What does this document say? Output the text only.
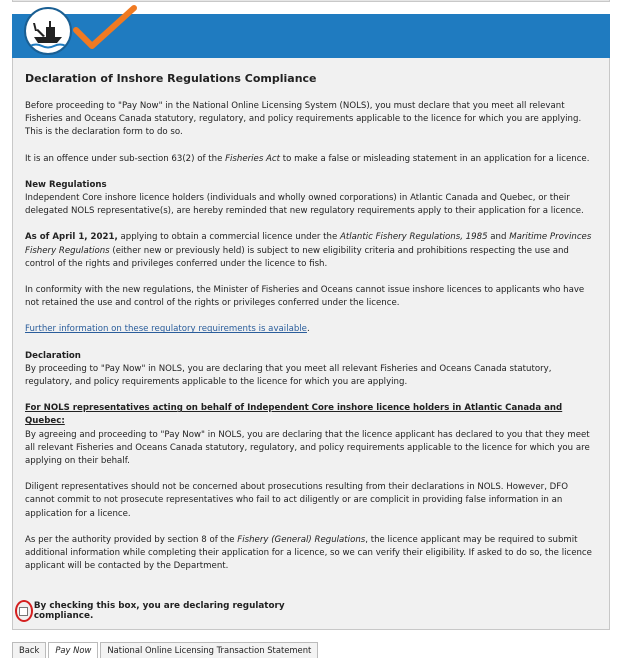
Declaration of Inshore Regulations Compliance

Before proceeding to "Pay Now" in the National Online Licensing System (NOLS), you must declare that you meet all relevant Fisheries and Oceans Canada statutory, regulatory, and policy requirements applicable to the licence for which you are applying. This is the declaration form to do so.

It is an offence under sub-section 63(2) of the Fisheries Act to make a false or misleading statement in an application for a licence.

New Regulations
Independent Core inshore licence holders (individuals and wholly owned corporations) in Atlantic Canada and Quebec, or their delegated NOLS representative(s), are hereby reminded that new regulatory requirements apply to their application for a licence.

As of April 1, 2021, applying to obtain a commercial licence under the Atlantic Fishery Regulations, 1985 and Maritime Provinces Fishery Regulations (either new or previously held) is subject to new eligibility criteria and prohibitions respecting the use and control of the rights and privileges conferred under the licence to fish.

In conformity with the new regulations, the Minister of Fisheries and Oceans cannot issue inshore licences to applicants who have not retained the use and control of the rights or privileges conferred under the licence.

Further information on these regulatory requirements is available.

Declaration
By proceeding to "Pay Now" in NOLS, you are declaring that you meet all relevant Fisheries and Oceans Canada statutory, regulatory, and policy requirements applicable to the licence for which you are applying.

For NOLS representatives acting on behalf of Independent Core inshore licence holders in Atlantic Canada and Quebec:
By agreeing and proceeding to "Pay Now" in NOLS, you are declaring that the licence applicant has declared to you that they meet all relevant Fisheries and Oceans Canada statutory, regulatory, and policy requirements applicable to the licence for which you are applying on their behalf.

Diligent representatives should not be concerned about prosecutions resulting from their declarations in NOLS. However, DFO cannot commit to not prosecute representatives who fail to act diligently or are complicit in providing false information in an application for a licence.

As per the authority provided by section 8 of the Fishery (General) Regulations, the licence applicant may be required to submit additional information while completing their application for a licence, so we can verify their eligibility. If asked to do so, the licence applicant will be contacted by the Department.

By checking this box, you are declaring regulatory compliance.
Back	Pay Now	National Online Licensing Transaction Statement
